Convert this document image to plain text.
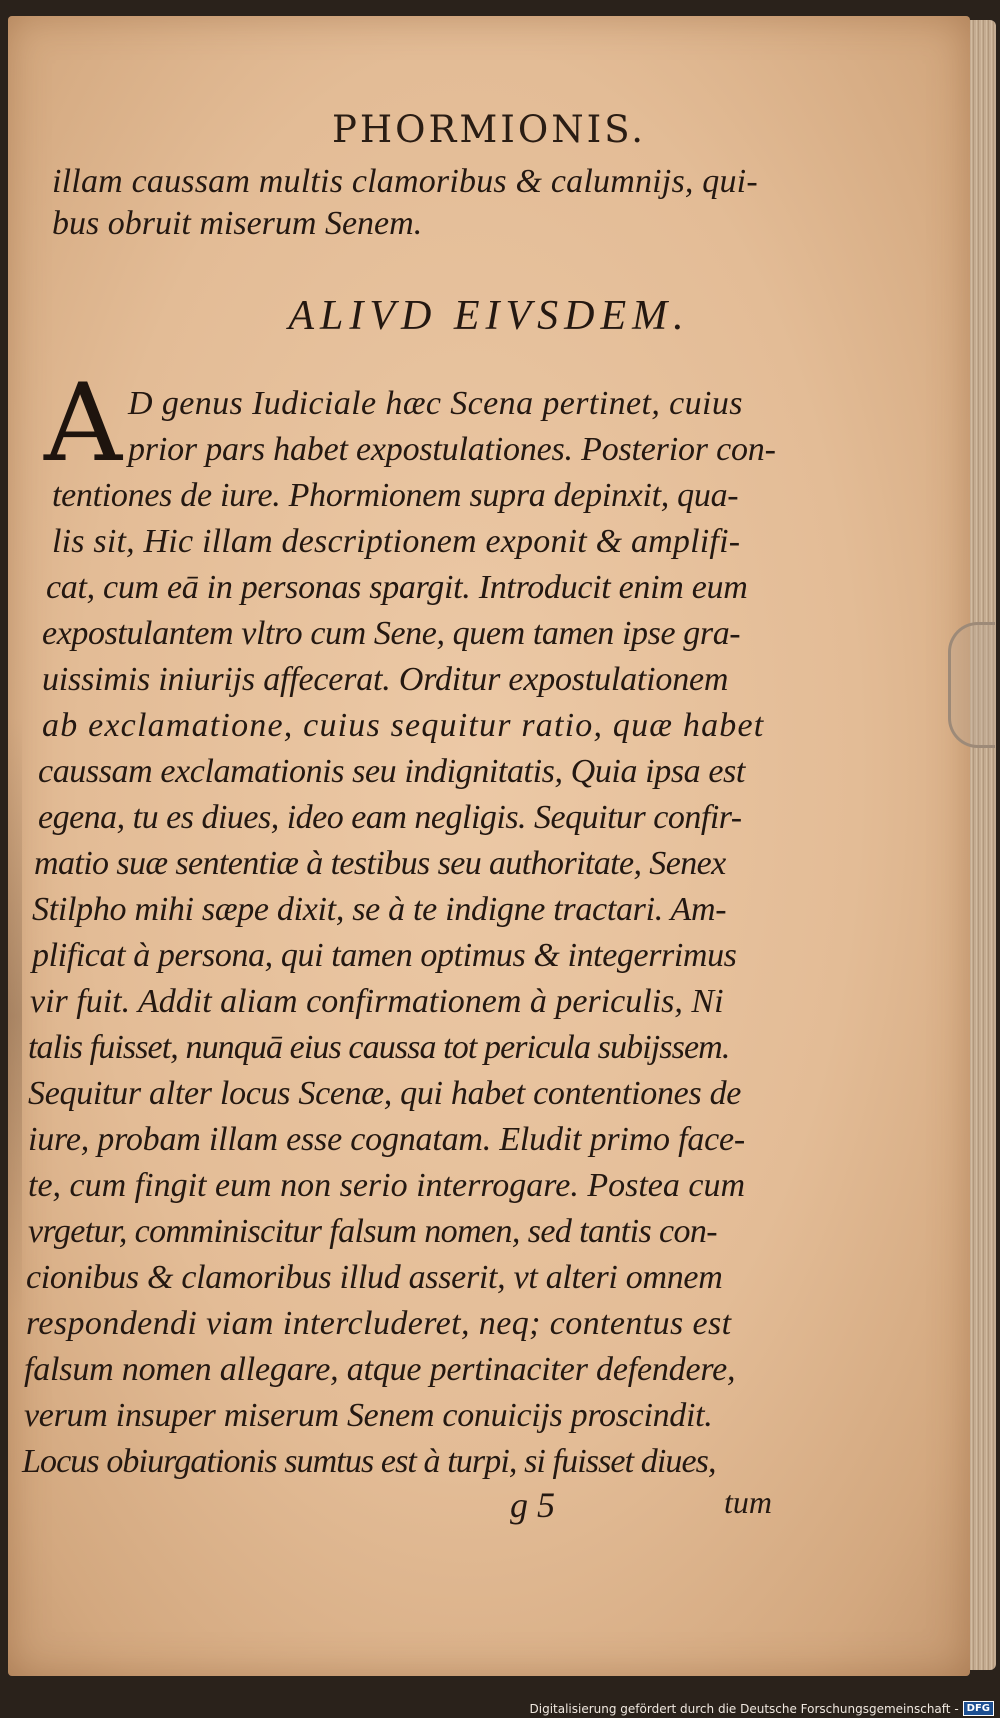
PHORMIONIS.
illam caussam multis clamoribus & calumnijs, qui-
bus obruit miserum Senem.
ALIVD EIVSDEM.
A D genus Iudiciale hæc Scena pertinet, cuius
prior pars habet expostulationes. Posterior con-
tentiones de iure. Phormionem supra depinxit, qua-
lis sit, Hic illam descriptionem exponit & amplifi-
cat, cum eā in personas spargit. Introducit enim eum
expostulantem vltro cum Sene, quem tamen ipse gra-
uissimis iniurijs affecerat. Orditur expostulationem
ab exclamatione, cuius sequitur ratio, quæ habet
caussam exclamationis seu indignitatis, Quia ipsa est
egena, tu es diues, ideo eam negligis. Sequitur confir-
matio suæ sententiæ à testibus seu authoritate, Senex
Stilpho mihi sæpe dixit, se à te indigne tractari. Am-
plificat à persona, qui tamen optimus & integerrimus
vir fuit. Addit aliam confirmationem à periculis, Ni
talis fuisset, nunquā eius caussa tot pericula subijssem.
Sequitur alter locus Scenæ, qui habet contentiones de
iure, probam illam esse cognatam. Eludit primo face-
te, cum fingit eum non serio interrogare. Postea cum
vrgetur, comminiscitur falsum nomen, sed tantis con-
cionibus & clamoribus illud asserit, vt alteri omnem
respondendi viam intercluderet, neq; contentus est
falsum nomen allegare, atque pertinaciter defendere,
verum insuper miserum Senem conuicijs proscindit.
Locus obiurgationis sumtus est à turpi, si fuisset diues,
g 5	tum
Digitalisierung gefördert durch die Deutsche Forschungsgemeinschaft - DFG
